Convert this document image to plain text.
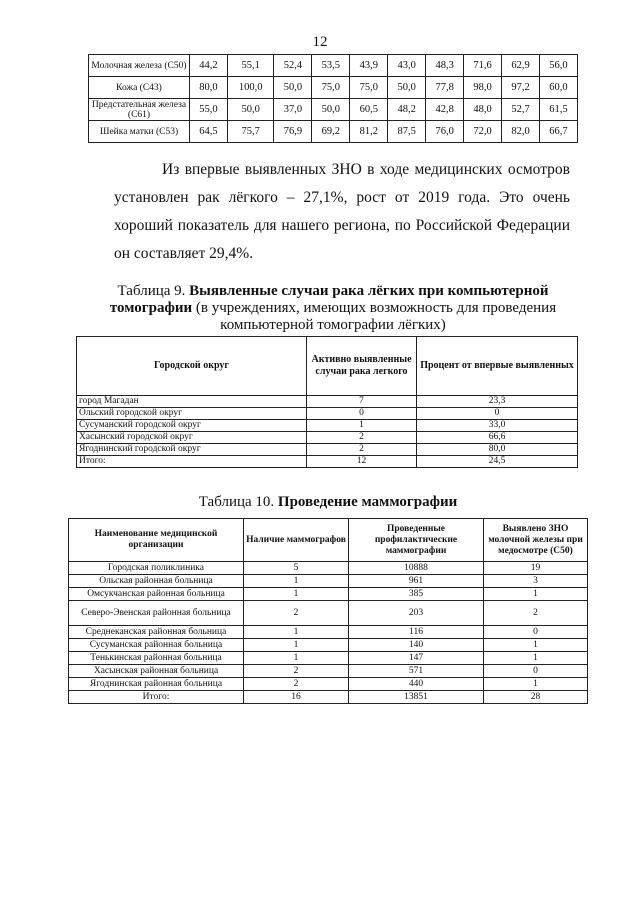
12
Молочная железа (С50)	44,2	55,1	52,4	53,5	43,9	43,0	48,3	71,6	62,9	56,0
Кожа (С43)	80,0	100,0	50,0	75,0	75,0	50,0	77,8	98,0	97,2	60,0
Предстательная железа (С61)	55,0	50,0	37,0	50,0	60,5	48,2	42,8	48,0	52,7	61,5
Шейка матки (С53)	64,5	75,7	76,9	69,2	81,2	87,5	76,0	72,0	82,0	66,7

Из впервые выявленных ЗНО в ходе медицинских осмотров установлен рак лёгкого – 27,1%, рост от 2019 года. Это очень хороший показатель для нашего региона, по Российской Федерации он составляет 29,4%.

Таблица 9. Выявленные случаи рака лёгких при компьютерной томографии (в учреждениях, имеющих возможность для проведения компьютерной томографии лёгких)
Городской округ	Активно выявленные случаи рака легкого	Процент от впервые выявленных
город Магадан	7	23,3
Ольский городской округ	0	0
Сусуманский городской округ	1	33,0
Хасынский городской округ	2	66,6
Ягоднинский городской округ	2	80,0
Итого:	12	24,5
Таблица 10. Проведение маммографии
Наименование медицинской организации	Наличие маммографов	Проведенные профилактические маммографии	Выявлено ЗНО молочной железы при медосмотре (С50)
Городская поликлиника	5	10888	19
Ольская районная больница	1	961	3
Омсукчанская районная больница	1	385	1
Северо-Эвенская районная больница	2	203	2
Среднеканская районная больница	1	116	0
Сусуманская районная больница	1	140	1
Тенькинская районная больница	1	147	1
Хасынская районная больница	2	571	0
Ягоднинская районная больница	2	440	1
Итого:	16	13851	28
